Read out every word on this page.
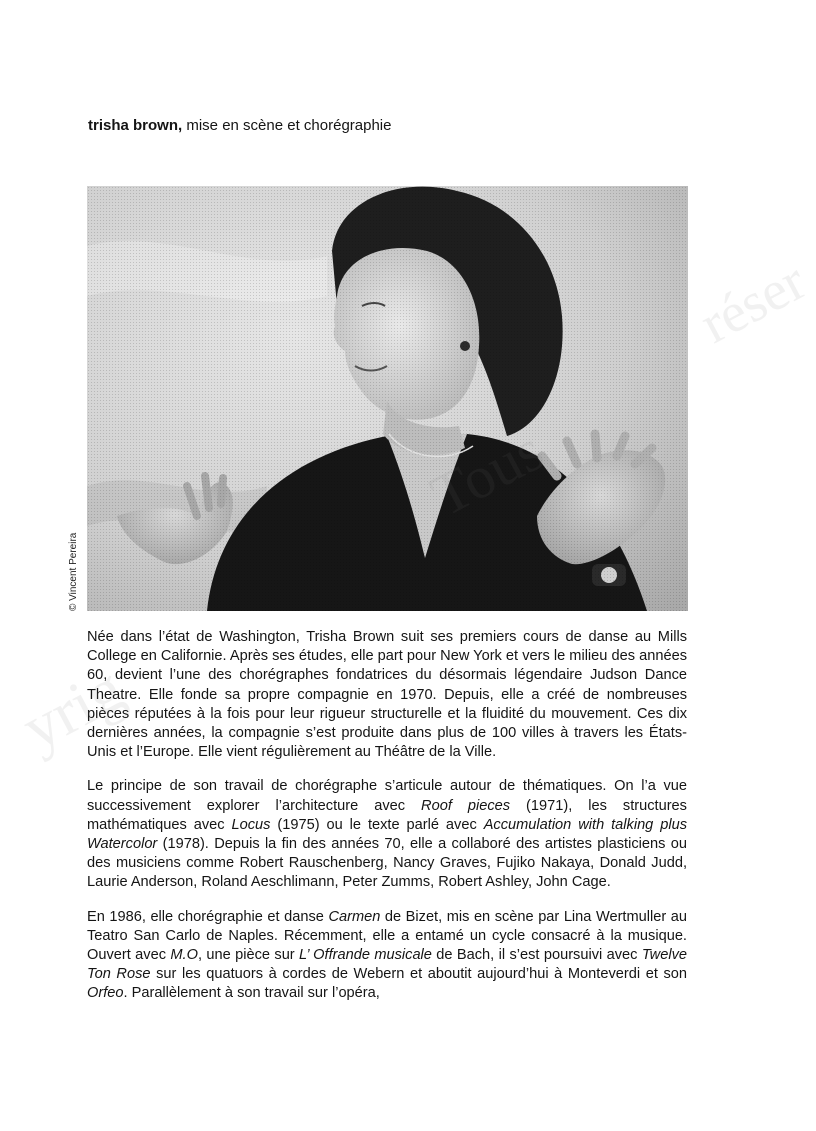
trisha brown, mise en scène et chorégraphie
© Vincent Pereira

Née dans l’état de Washington, Trisha Brown suit ses premiers cours de danse au Mills College en Californie. Après ses études, elle part pour New York et vers le milieu des années 60, devient l’une des chorégraphes fondatrices du désormais légendaire Judson Dance Theatre. Elle fonde sa propre compagnie en 1970. Depuis, elle a créé de nombreuses pièces réputées à la fois pour leur rigueur structurelle et la fluidité du mouvement. Ces dix dernières années, la compagnie s’est produite dans plus de 100 villes à travers les États-Unis et l’Europe. Elle vient régulièrement au Théâtre de la Ville.

Le principe de son travail de chorégraphe s’articule autour de thématiques. On l’a vue successivement explorer l’architecture avec Roof pieces (1971), les structures mathématiques avec Locus (1975) ou le texte parlé avec Accumulation with talking plus Watercolor (1978). Depuis la fin des années 70, elle a collaboré des artistes plasticiens ou des musiciens comme Robert Rauschenberg, Nancy Graves, Fujiko Nakaya, Donald Judd, Laurie Anderson, Roland Aeschlimann, Peter Zumms, Robert Ashley, John Cage.

En 1986, elle chorégraphie et danse Carmen de Bizet, mis en scène par Lina Wertmuller au Teatro San Carlo de Naples. Récemment, elle a entamé un cycle consacré à la musique. Ouvert avec M.O, une pièce sur L’ Offrande musicale de Bach, il s’est poursuivi avec Twelve Ton Rose sur les quatuors à cordes de Webern et aboutit aujourd’hui à Monteverdi et son Orfeo. Parallèlement à son travail sur l’opéra,

yrig
réser
